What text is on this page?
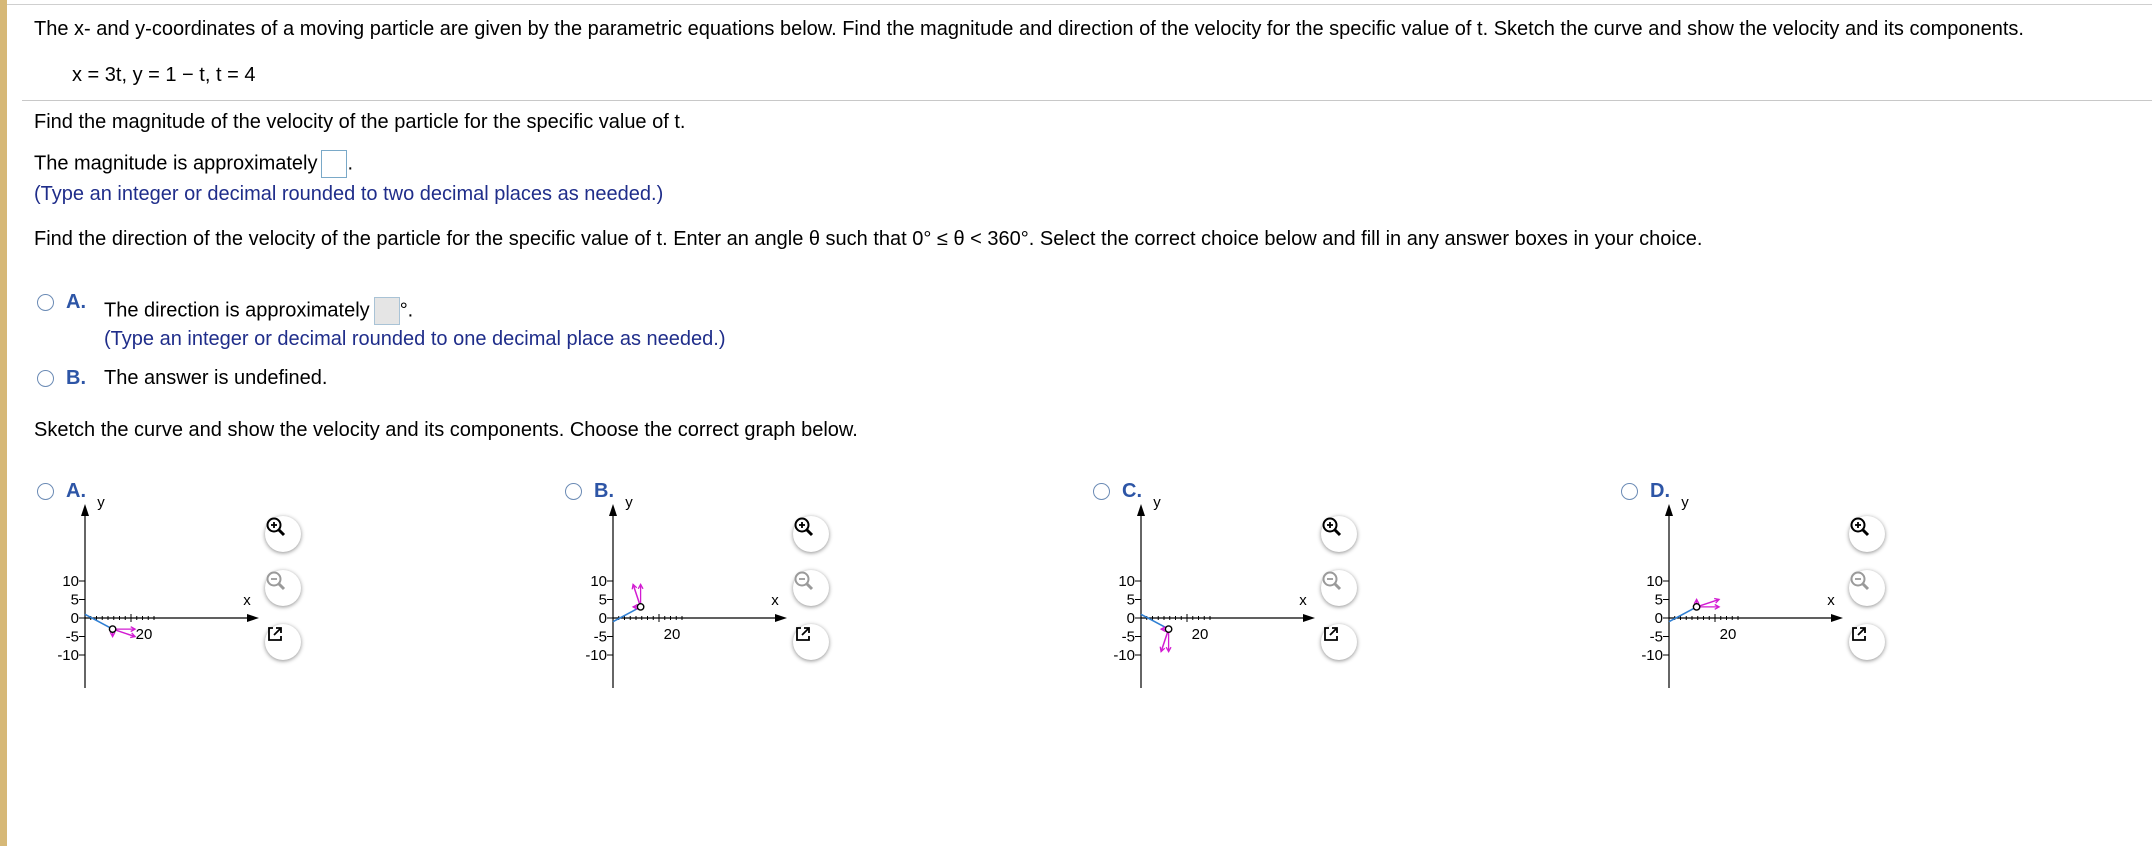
The x- and y-coordinates of a moving particle are given by the parametric equations below. Find the magnitude and direction of the velocity for the specific value of t. Sketch the curve and show the velocity and its components.
x = 3t, y = 1 − t, t = 4
Find the magnitude of the velocity of the particle for the specific value of t.
The magnitude is approximately .
(Type an integer or decimal rounded to two decimal places as needed.)
Find the direction of the velocity of the particle for the specific value of t. Enter an angle θ such that 0° ≤ θ < 360°. Select the correct choice below and fill in any answer boxes in your choice.
A. The direction is approximately °.
(Type an integer or decimal rounded to one decimal place as needed.)
B. The answer is undefined.
Sketch the curve and show the velocity and its components. Choose the correct graph below.
A.
10
5
0
-5
-10
20
y
x
B.
10
5
0
-5
-10
20
y
x
C.
10
5
0
-5
-10
20
y
x
D.
10
5
0
-5
-10
20
y
x
